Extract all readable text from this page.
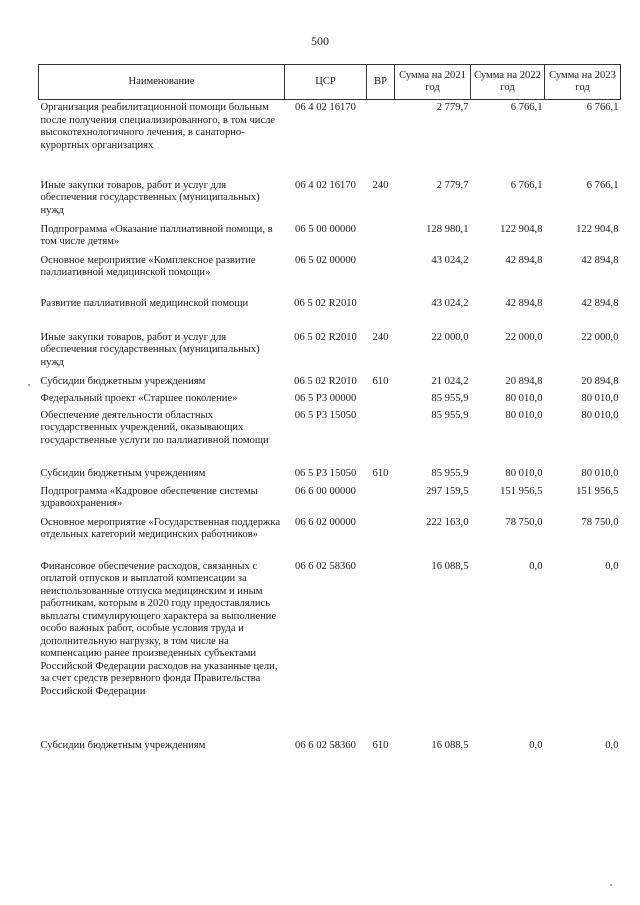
500
Наименование	ЦСР	ВР	Сумма на 2021 год	Сумма на 2022 год	Сумма на 2023 год
Организация реабилитационной помощи больным после получения специализированного, в том числе высокотехнологичного лечения, в санаторно-курортных организациях	06 4 02 16170		2 779,7	6 766,1	6 766,1
Иные закупки товаров, работ и услуг для обеспечения государственных (муниципальных) нужд	06 4 02 16170	240	2 779,7	6 766,1	6 766,1
Подпрограмма «Оказание паллиативной помощи, в том числе детям»	06 5 00 00000		128 980,1	122 904,8	122 904,8
Основное мероприятие «Комплексное развитие паллиативной медицинской помощи»	06 5 02 00000		43 024,2	42 894,8	42 894,8
Развитие паллиативной медицинской помощи	06 5 02 R2010		43 024,2	42 894,8	42 894,8
Иные закупки товаров, работ и услуг для обеспечения государственных (муниципальных) нужд	06 5 02 R2010	240	22 000,0	22 000,0	22 000,0
Субсидии бюджетным учреждениям	06 5 02 R2010	610	21 024,2	20 894,8	20 894,8
Федеральный проект «Старшее поколение»	06 5 P3 00000		85 955,9	80 010,0	80 010,0
Обеспечение деятельности областных государственных учреждений, оказывающих государственные услуги по паллиативной помощи	06 5 P3 15050		85 955,9	80 010,0	80 010,0
Субсидии бюджетным учреждениям	06 5 P3 15050	610	85 955,9	80 010,0	80 010,0
Подпрограмма «Кадровое обеспечение системы здравоохранения»	06 6 00 00000		297 159,5	151 956,5	151 956,5
Основное мероприятие «Государственная поддержка отдельных категорий медицинских работников»	06 6 02 00000		222 163,0	78 750,0	78 750,0
Финансовое обеспечение расходов, связанных с оплатой отпусков и выплатой компенсации за неиспользованные отпуска медицинским и иным работникам, которым в 2020 году предоставлялись выплаты стимулирующего характера за выполнение особо важных работ, особые условия труда и дополнительную нагрузку, в том числе на компенсацию ранее произведенных субъектами Российской Федерации расходов на указанные цели, за счет средств резервного фонда Правительства Российской Федерации	06 6 02 58360		16 088,5	0,0	0,0
Субсидии бюджетным учреждениям	06 6 02 58360	610	16 088,5	0,0	0,0
